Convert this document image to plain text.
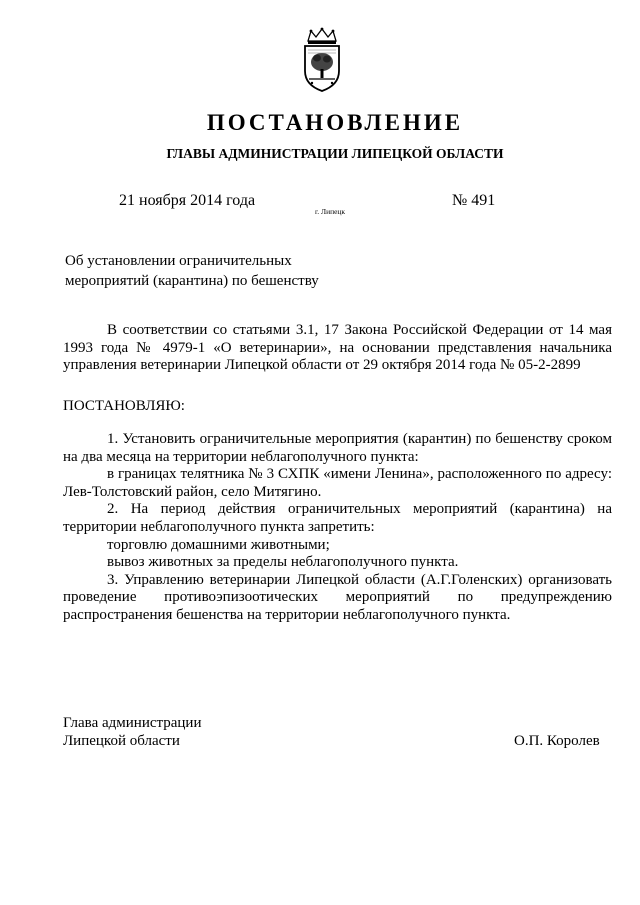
ПОСТАНОВЛЕНИЕ
ГЛАВЫ АДМИНИСТРАЦИИ ЛИПЕЦКОЙ ОБЛАСТИ
21 ноября 2014 года
г. Липецк
№ 491
Об установлении ограничительных
мероприятий (карантина) по бешенству

В соответствии со статьями 3.1, 17 Закона Российской Федерации от 14 мая 1993 года № 4979-1 «О ветеринарии», на основании представления начальника управления ветеринарии Липецкой области от 29 октября 2014 года № 05-2-2899

ПОСТАНОВЛЯЮ:

1. Установить ограничительные мероприятия (карантин) по бешенству сроком на два месяца на территории неблагополучного пункта:

в границах телятника № 3 СХПК «имени Ленина», расположенного по адресу: Лев-Толстовский район, село Митягино.

2. На период действия ограничительных мероприятий (карантина) на территории неблагополучного пункта запретить:

торговлю домашними животными;

вывоз животных за пределы неблагополучного пункта.

3. Управлению ветеринарии Липецкой области (А.Г.Голенских) организовать проведение противоэпизоотических мероприятий по предупреждению распространения бешенства на территории неблагополучного пункта.

Глава администрации
Липецкой области	О.П. Королев
